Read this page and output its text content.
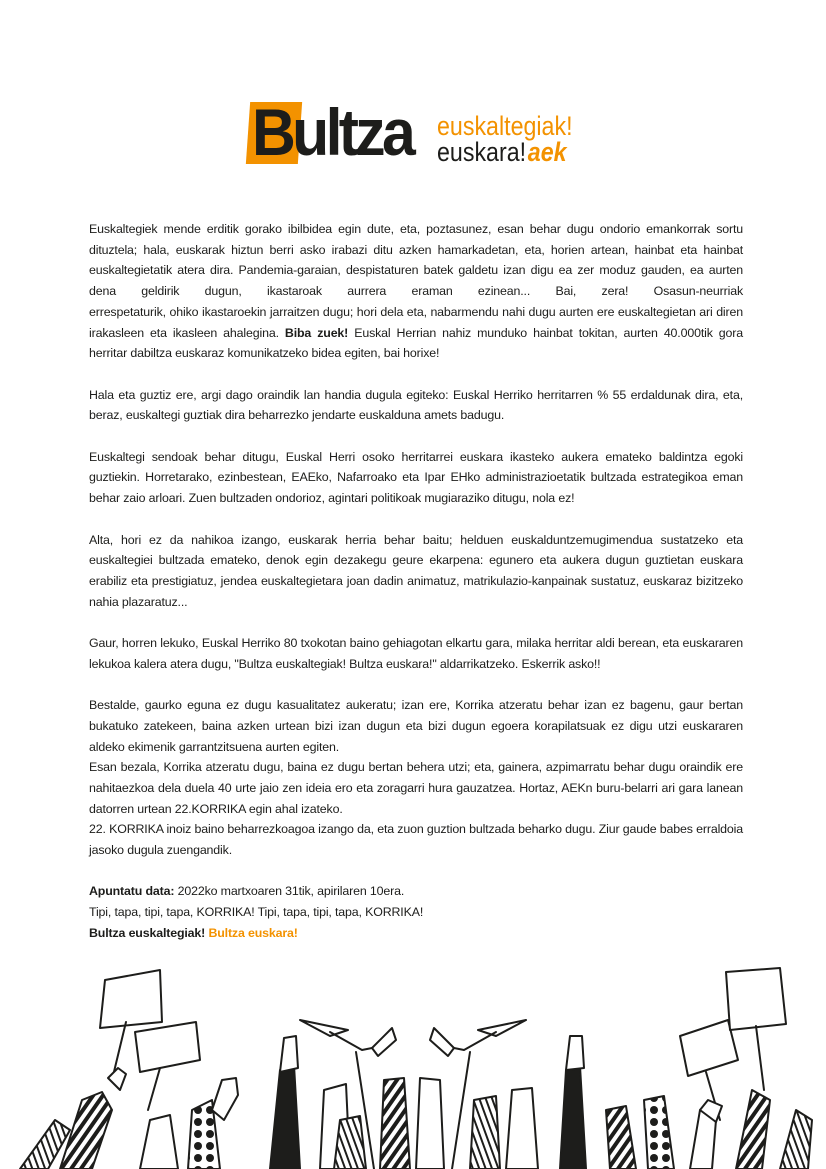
Bultza euskaltegiak!
euskara!aek

Euskaltegiek mende erditik gorako ibilbidea egin dute, eta, poztasunez, esan behar dugu ondorio emankorrak sortu dituztela; hala, euskarak hiztun berri asko irabazi ditu azken hamarkadetan, eta, horien artean, hainbat eta hainbat euskaltegietatik atera dira. Pandemia-garaian, despistaturen batek galdetu izan digu ea zer moduz gauden, ea aurten dena geldirik dugun, ikastaroak aurrera eraman ezinean... Bai, zera! Osasun-neurriak

errespetaturik, ohiko ikastaroekin jarraitzen dugu; hori dela eta, nabarmendu nahi dugu aurten ere euskaltegietan ari diren irakasleen eta ikasleen ahalegina. Biba zuek! Euskal Herrian nahiz munduko hainbat tokitan, aurten 40.000tik gora herritar dabiltza euskaraz komunikatzeko bidea egiten, bai horixe!

Hala eta guztiz ere, argi dago oraindik lan handia dugula egiteko: Euskal Herriko herritarren % 55 erdaldunak dira, eta, beraz, euskaltegi guztiak dira beharrezko jendarte euskalduna amets badugu.

Euskaltegi sendoak behar ditugu, Euskal Herri osoko herritarrei euskara ikasteko aukera emateko baldintza egoki guztiekin. Horretarako, ezinbestean, EAEko, Nafarroako eta Ipar EHko administrazioetatik bultzada estrategikoa eman behar zaio arloari. Zuen bultzaden ondorioz, agintari politikoak mugiaraziko ditugu, nola ez!

Alta, hori ez da nahikoa izango, euskarak herria behar baitu; helduen euskalduntzemugimendua sustatzeko eta euskaltegiei bultzada emateko, denok egin dezakegu geure ekarpena: egunero eta aukera dugun guztietan euskara erabiliz eta prestigiatuz, jendea euskaltegietara joan dadin animatuz, matrikulazio-kanpainak sustatuz, euskaraz bizitzeko nahia plazaratuz...

Gaur, horren lekuko, Euskal Herriko 80 txokotan baino gehiagotan elkartu gara, milaka herritar aldi berean, eta euskararen lekukoa kalera atera dugu, "Bultza euskaltegiak! Bultza euskara!" aldarrikatzeko. Eskerrik asko!!

Bestalde, gaurko eguna ez dugu kasualitatez aukeratu; izan ere, Korrika atzeratu behar izan ez bagenu, gaur bertan bukatuko zatekeen, baina azken urtean bizi izan dugun eta bizi dugun egoera korapilatsuak ez digu utzi euskararen aldeko ekimenik garrantzitsuena aurten egiten.

Esan bezala, Korrika atzeratu dugu, baina ez dugu bertan behera utzi; eta, gainera, azpimarratu behar dugu oraindik ere nahitaezkoa dela duela 40 urte jaio zen ideia ero eta zoragarri hura gauzatzea. Hortaz, AEKn buru-belarri ari gara lanean datorren urtean 22.KORRIKA egin ahal izateko.

22. KORRIKA inoiz baino beharrezkoagoa izango da, eta zuon guztion bultzada beharko dugu. Ziur gaude babes erraldoia jasoko dugula zuengandik.

Apuntatu data: 2022ko martxoaren 31tik, apirilaren 10era.

Tipi, tapa, tipi, tapa, KORRIKA! Tipi, tapa, tipi, tapa, KORRIKA!

Bultza euskaltegiak! Bultza euskara!
